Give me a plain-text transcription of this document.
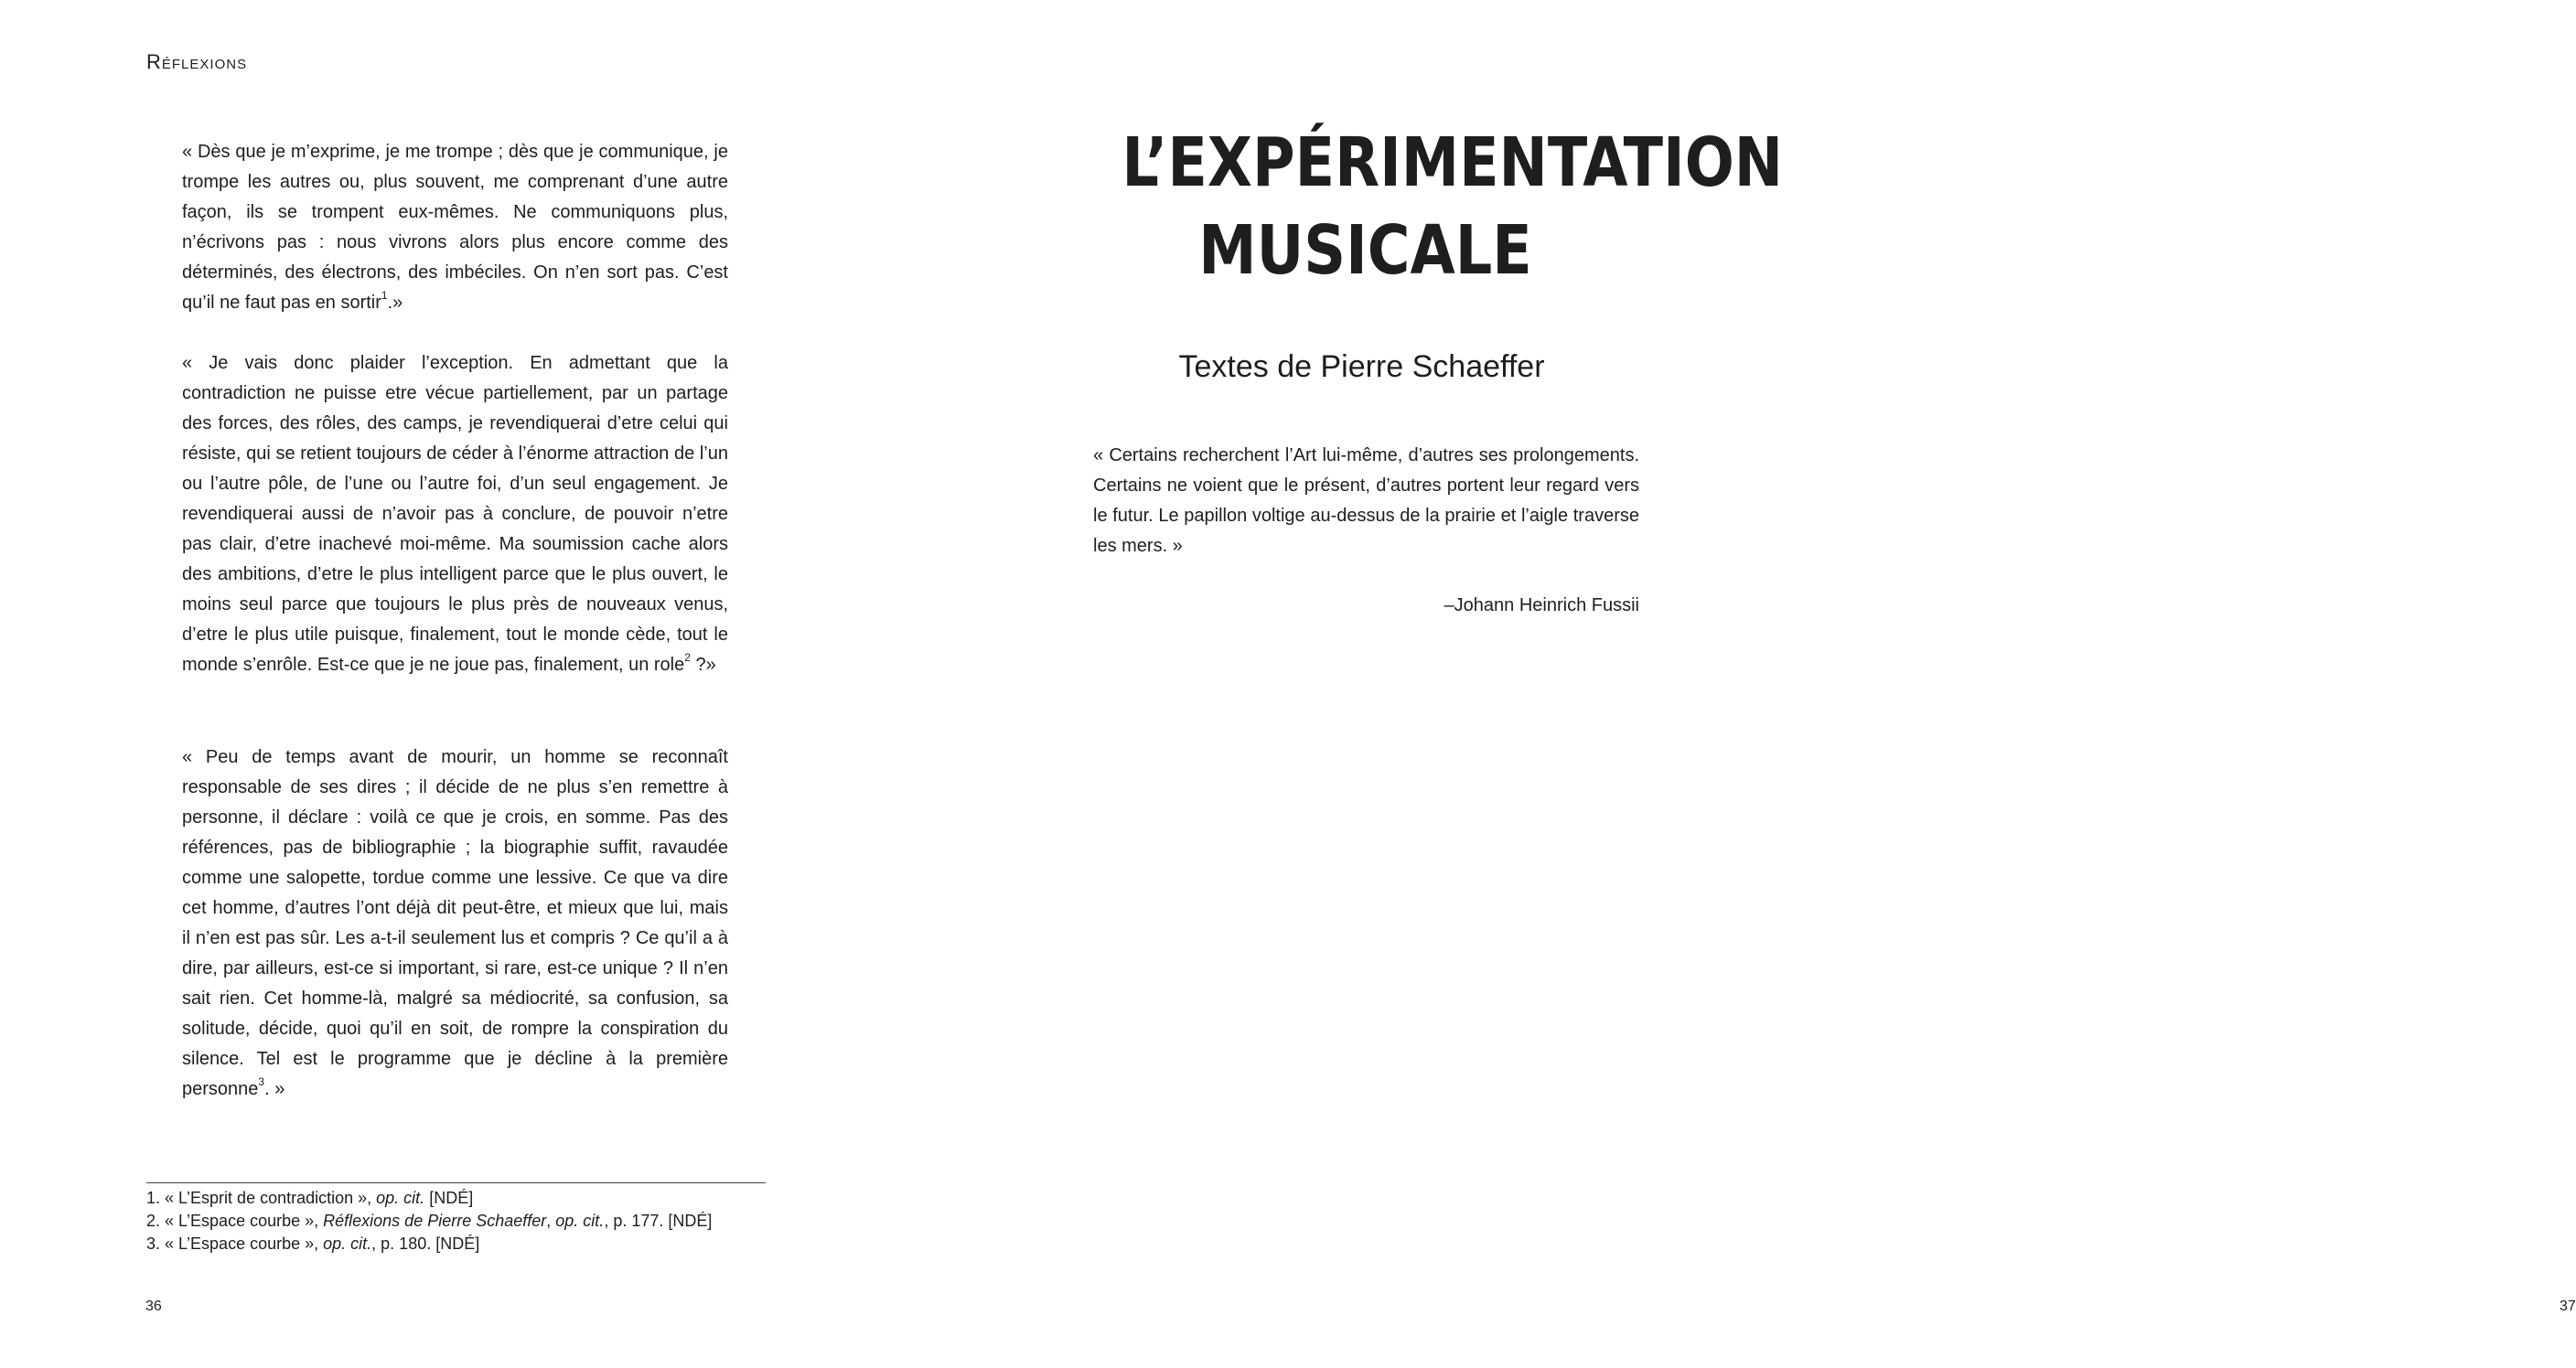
Réflexions

« Dès que je m’exprime, je me trompe ; dès que je communique, je trompe les autres ou, plus souvent, me comprenant d’une autre façon, ils se trompent eux-mêmes. Ne communiquons plus, n’écrivons pas : nous vivrons alors plus encore comme des déterminés, des électrons, des imbéciles. On n’en sort pas. C’est qu’il ne faut pas en sortir$^1$.»

« Je vais donc plaider l’exception. En admettant que la contradiction ne puisse etre vécue partiellement, par un partage des forces, des rôles, des camps, je revendiquerai d’etre celui qui résiste, qui se retient toujours de céder à l’énorme attraction de l’un ou l’autre pôle, de l’une ou l’autre foi, d’un seul engagement. Je revendiquerai aussi de n’avoir pas à conclure, de pouvoir n’etre pas clair, d’etre inachevé moi-même. Ma soumission cache alors des ambitions, d’etre le plus intelligent parce que le plus ouvert, le moins seul parce que toujours le plus près de nouveaux venus, d’etre le plus utile puisque, finalement, tout le monde cède, tout le monde s’enrôle. Est-ce que je ne joue pas, finalement, un role$^2$ ?»

« Peu de temps avant de mourir, un homme se reconnaît responsable de ses dires ; il décide de ne plus s’en remettre à personne, il déclare : voilà ce que je crois, en somme. Pas des références, pas de bibliographie ; la biographie suffit, ravaudée comme une salopette, tordue comme une lessive. Ce que va dire cet homme, d’autres l’ont déjà dit peut-être, et mieux que lui, mais il n’en est pas sûr. Les a-t-il seulement lus et compris ? Ce qu’il a à dire, par ailleurs, est-ce si important, si rare, est-ce unique ? Il n’en sait rien. Cet homme-là, malgré sa médiocrité, sa confusion, sa solitude, décide, quoi qu’il en soit, de rompre la conspiration du silence. Tel est le programme que je décline à la première personne$^3$. »

1. « L’Esprit de contradiction », op. cit. [NDÉ]
2. « L’Espace courbe », Réflexions de Pierre Schaeffer, op. cit., p. 177. [NDÉ]
3. « L’Espace courbe », op. cit., p. 180. [NDÉ]
36
L’EXPÉRIMENTATION
MUSICALE
Textes de Pierre Schaeffer

« Certains recherchent l’Art lui-même, d’autres ses prolongements. Certains ne voient que le présent, d’autres portent leur regard vers le futur. Le papillon voltige au-dessus de la prairie et l’aigle traverse les mers. »

–Johann Heinrich Fussii
37
